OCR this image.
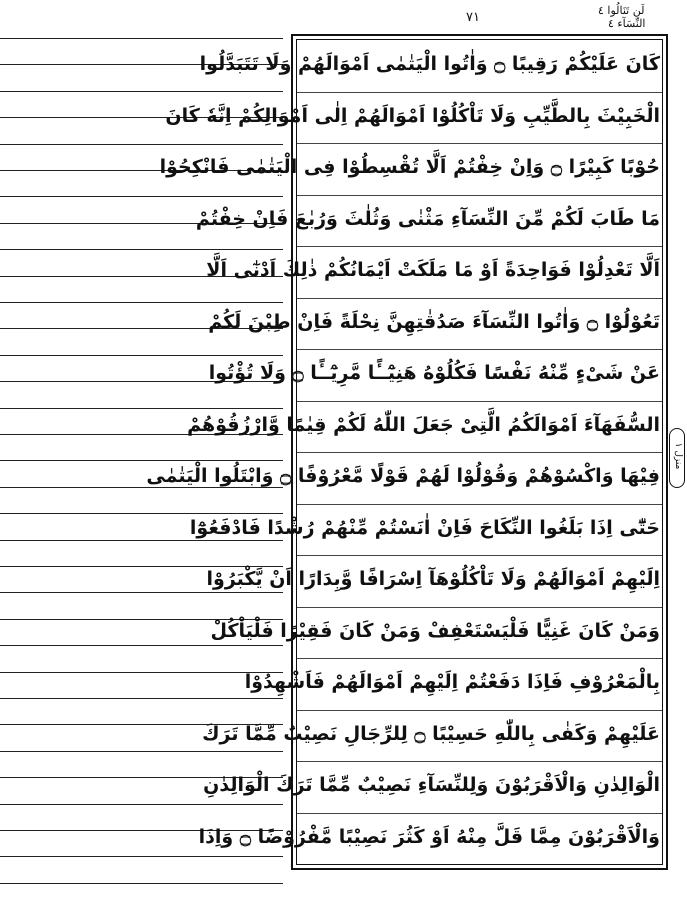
لَن تَنَالُوا ٤
٧١	النِّسَآء ٤
كَانَ عَلَيْكُمْ رَقِيبًا ۝ وَاٰتُوا الْيَتٰمٰى اَمْوَالَهُمْ وَلَا تَتَبَدَّلُوا
الْخَبِيْثَ بِالطَّيِّبِ وَلَا تَاْكُلُوْا اَمْوَالَهُمْ اِلٰى اَمْوَالِكُمْ اِنَّهٗ كَانَ
حُوْبًا كَبِيْرًا ۝ وَاِنْ خِفْتُمْ اَلَّا تُقْسِطُوْا فِى الْيَتٰمٰى فَانْكِحُوْا
مَا طَابَ لَكُمْ مِّنَ النِّسَآءِ مَثْنٰى وَثُلٰثَ وَرُبٰعَ فَاِنْ خِفْتُمْ
اَلَّا تَعْدِلُوْا فَوَاحِدَةً اَوْ مَا مَلَكَتْ اَيْمَانُكُمْ ذٰلِكَ اَدْنٰٓى اَلَّا
تَعُوْلُوْا ۝ وَاٰتُوا النِّسَآءَ صَدُقٰتِهِنَّ نِحْلَةً فَاِنْ طِبْنَ لَكُمْ
عَنْ شَىْءٍ مِّنْهُ نَفْسًا فَكُلُوْهُ هَنِيْٓــًٔا مَّرِيْٓــًٔا ۝ وَلَا تُؤْتُوا
السُّفَهَآءَ اَمْوَالَكُمُ الَّتِىْ جَعَلَ اللّٰهُ لَكُمْ قِيٰمًا وَّارْزُقُوْهُمْ
فِيْهَا وَاكْسُوْهُمْ وَقُوْلُوْا لَهُمْ قَوْلًا مَّعْرُوْفًا ۝ وَابْتَلُوا الْيَتٰمٰى
حَتّٰٓى اِذَا بَلَغُوا النِّكَاحَ فَاِنْ اٰنَسْتُمْ مِّنْهُمْ رُشْدًا فَادْفَعُوْٓا
اِلَيْهِمْ اَمْوَالَهُمْ وَلَا تَاْكُلُوْهَآ اِسْرَافًا وَّبِدَارًا اَنْ يَّكْبَرُوْا
وَمَنْ كَانَ غَنِيًّا فَلْيَسْتَعْفِفْ وَمَنْ كَانَ فَقِيْرًا فَلْيَاْكُلْ
بِالْمَعْرُوْفِ فَاِذَا دَفَعْتُمْ اِلَيْهِمْ اَمْوَالَهُمْ فَاَشْهِدُوْا
عَلَيْهِمْ وَكَفٰى بِاللّٰهِ حَسِيْبًا ۝ لِلرِّجَالِ نَصِيْبٌ مِّمَّا تَرَكَ
الْوَالِدٰنِ وَالْاَقْرَبُوْنَ وَلِلنِّسَآءِ نَصِيْبٌ مِّمَّا تَرَكَ الْوَالِدٰنِ
وَالْاَقْرَبُوْنَ مِمَّا قَلَّ مِنْهُ اَوْ كَثُرَ نَصِيْبًا مَّفْرُوْضًا ۝ وَاِذَا
منزل ١
